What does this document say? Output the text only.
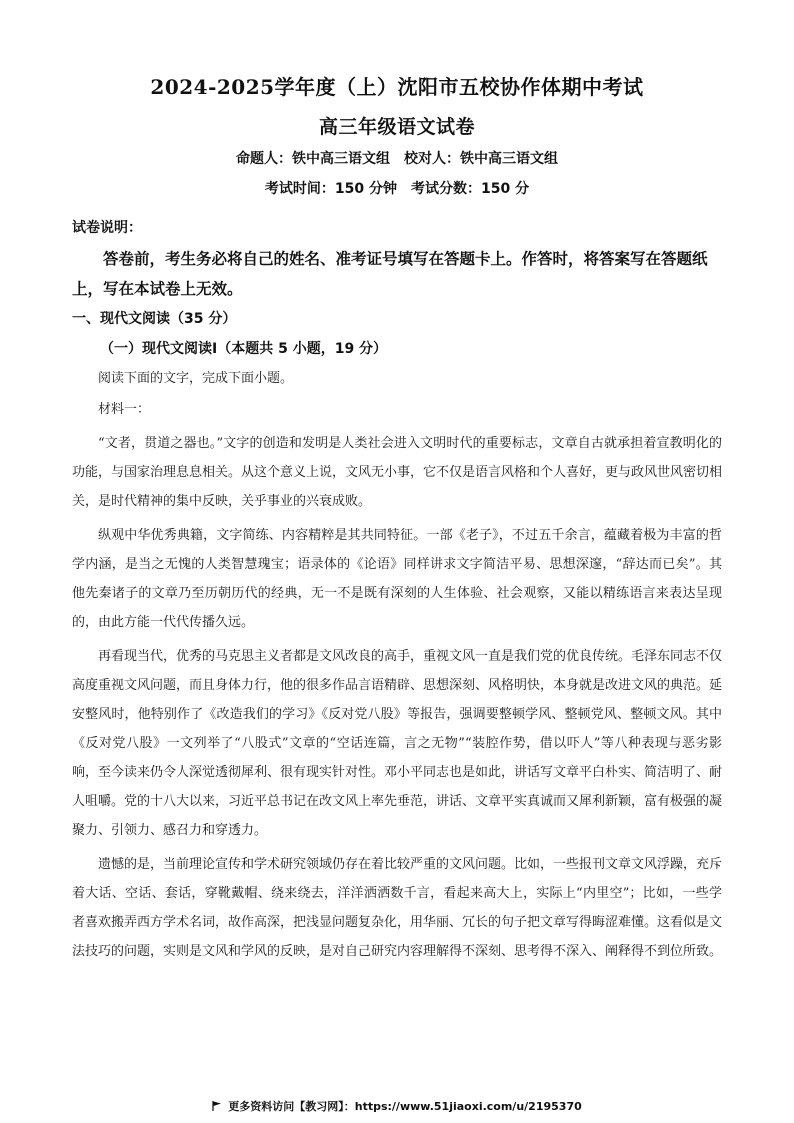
2024-2025学年度（上）沈阳市五校协作体期中考试
高三年级语文试卷
命题人：铁中高三语文组 校对人：铁中高三语文组
考试时间：150 分钟 考试分数：150 分
试卷说明：

答卷前，考生务必将自己的姓名、准考证号填写在答题卡上。作答时，将答案写在答题纸上，写在本试卷上无效。

一、现代文阅读（35 分）
（一）现代文阅读Ⅰ（本题共 5 小题，19 分）

阅读下面的文字，完成下面小题。

材料一：

“文者，贯道之器也。”文字的创造和发明是人类社会进入文明时代的重要标志，文章自古就承担着宣教明化的功能，与国家治理息息相关。从这个意义上说，文风无小事，它不仅是语言风格和个人喜好，更与政风世风密切相关，是时代精神的集中反映，关乎事业的兴衰成败。

纵观中华优秀典籍，文字简练、内容精粹是其共同特征。一部《老子》，不过五千余言，蕴藏着极为丰富的哲学内涵，是当之无愧的人类智慧瑰宝；语录体的《论语》同样讲求文字简洁平易、思想深邃，“辞达而已矣”。其他先秦诸子的文章乃至历朝历代的经典，无一不是既有深刻的人生体验、社会观察，又能以精练语言来表达呈现的，由此方能一代代传播久远。

再看现当代，优秀的马克思主义者都是文风改良的高手，重视文风一直是我们党的优良传统。毛泽东同志不仅高度重视文风问题，而且身体力行，他的很多作品言语精辟、思想深刻、风格明快，本身就是改进文风的典范。延安整风时，他特别作了《改造我们的学习》《反对党八股》等报告，强调要整顿学风、整顿党风、整顿文风。其中《反对党八股》一文列举了“八股式”文章的“空话连篇，言之无物”“装腔作势，借以吓人”等八种表现与恶劣影响，至今读来仍令人深觉透彻犀利、很有现实针对性。邓小平同志也是如此，讲话写文章平白朴实、简洁明了、耐人咀嚼。党的十八大以来，习近平总书记在改文风上率先垂范，讲话、文章平实真诚而又犀利新颖，富有极强的凝聚力、引领力、感召力和穿透力。

遗憾的是，当前理论宣传和学术研究领域仍存在着比较严重的文风问题。比如，一些报刊文章文风浮躁，充斥着大话、空话、套话，穿靴戴帽、绕来绕去，洋洋洒洒数千言，看起来高大上，实际上“内里空”；比如，一些学者喜欢搬弄西方学术名词，故作高深，把浅显问题复杂化，用华丽、冗长的句子把文章写得晦涩难懂。这看似是文法技巧的问题，实则是文风和学风的反映，是对自己研究内容理解得不深刻、思考得不深入、阐释得不到位所致。

更多资料访问【教习网】：https://www.51jiaoxi.com/u/2195370
